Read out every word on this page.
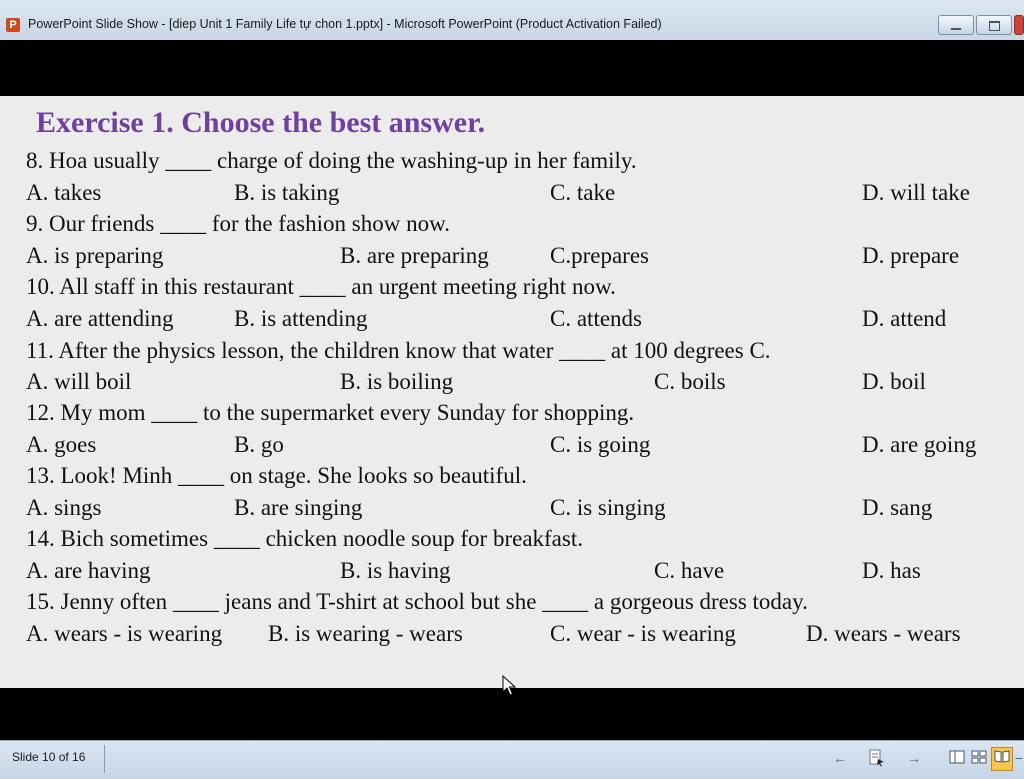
P PowerPoint Slide Show - [diep Unit 1 Family Life tự chon 1.pptx] - Microsoft PowerPoint (Product Activation Failed)
Exercise 1. Choose the best answer.
8. Hoa usually ____ charge of doing the washing-up in her family.
A. takes	B. is taking	C. take	D. will take
9. Our friends ____ for the fashion show now.
A. is preparing	B. are preparing	C.prepares	D. prepare
10. All staff in this restaurant ____ an urgent meeting right now.
A. are attending	B. is attending	C. attends	D. attend
11. After the physics lesson, the children know that water ____ at 100 degrees C.
A. will boil	B. is boiling	C. boils	D. boil
12. My mom ____ to the supermarket every Sunday for shopping.
A. goes	B. go	C. is going	D. are going
13. Look! Minh ____ on stage. She looks so beautiful.
A. sings	B. are singing	C. is singing	D. sang
14. Bich sometimes ____ chicken noodle soup for breakfast.
A. are having	B. is having	C. have	D. has
15. Jenny often ____ jeans and T-shirt at school but she ____ a gorgeous dress today.
A. wears - is wearing B. is wearing - wears	C. wear - is wearing	D. wears - wears
Slide 10 of 16	←	→	−
